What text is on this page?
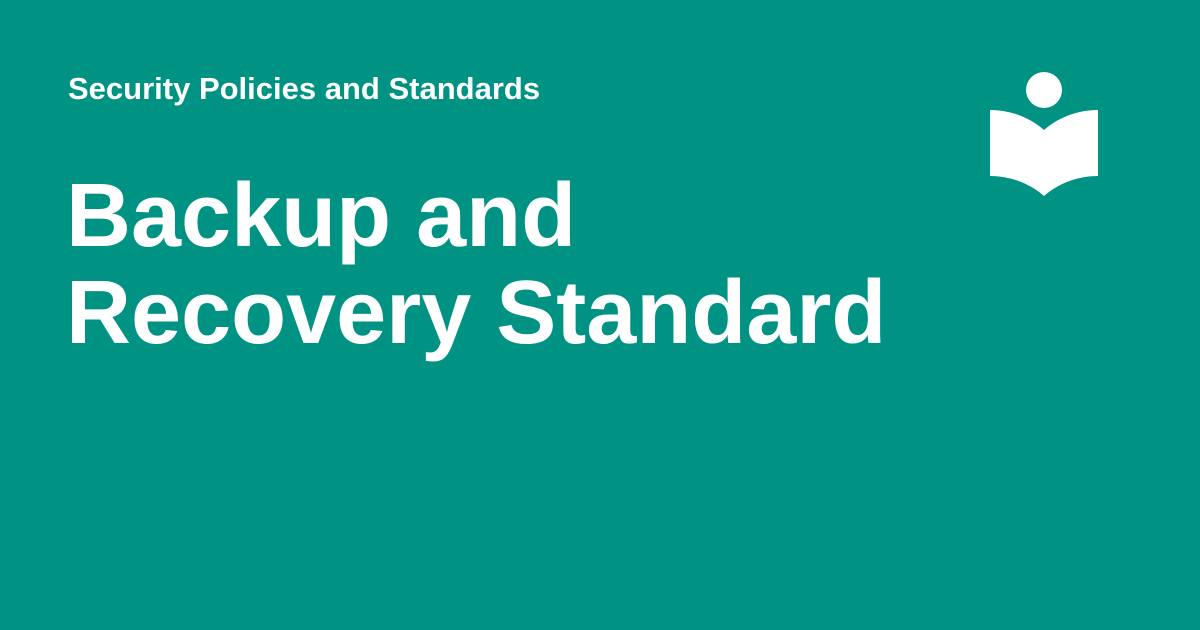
Security Policies and Standards
Backup and
Recovery Standard
